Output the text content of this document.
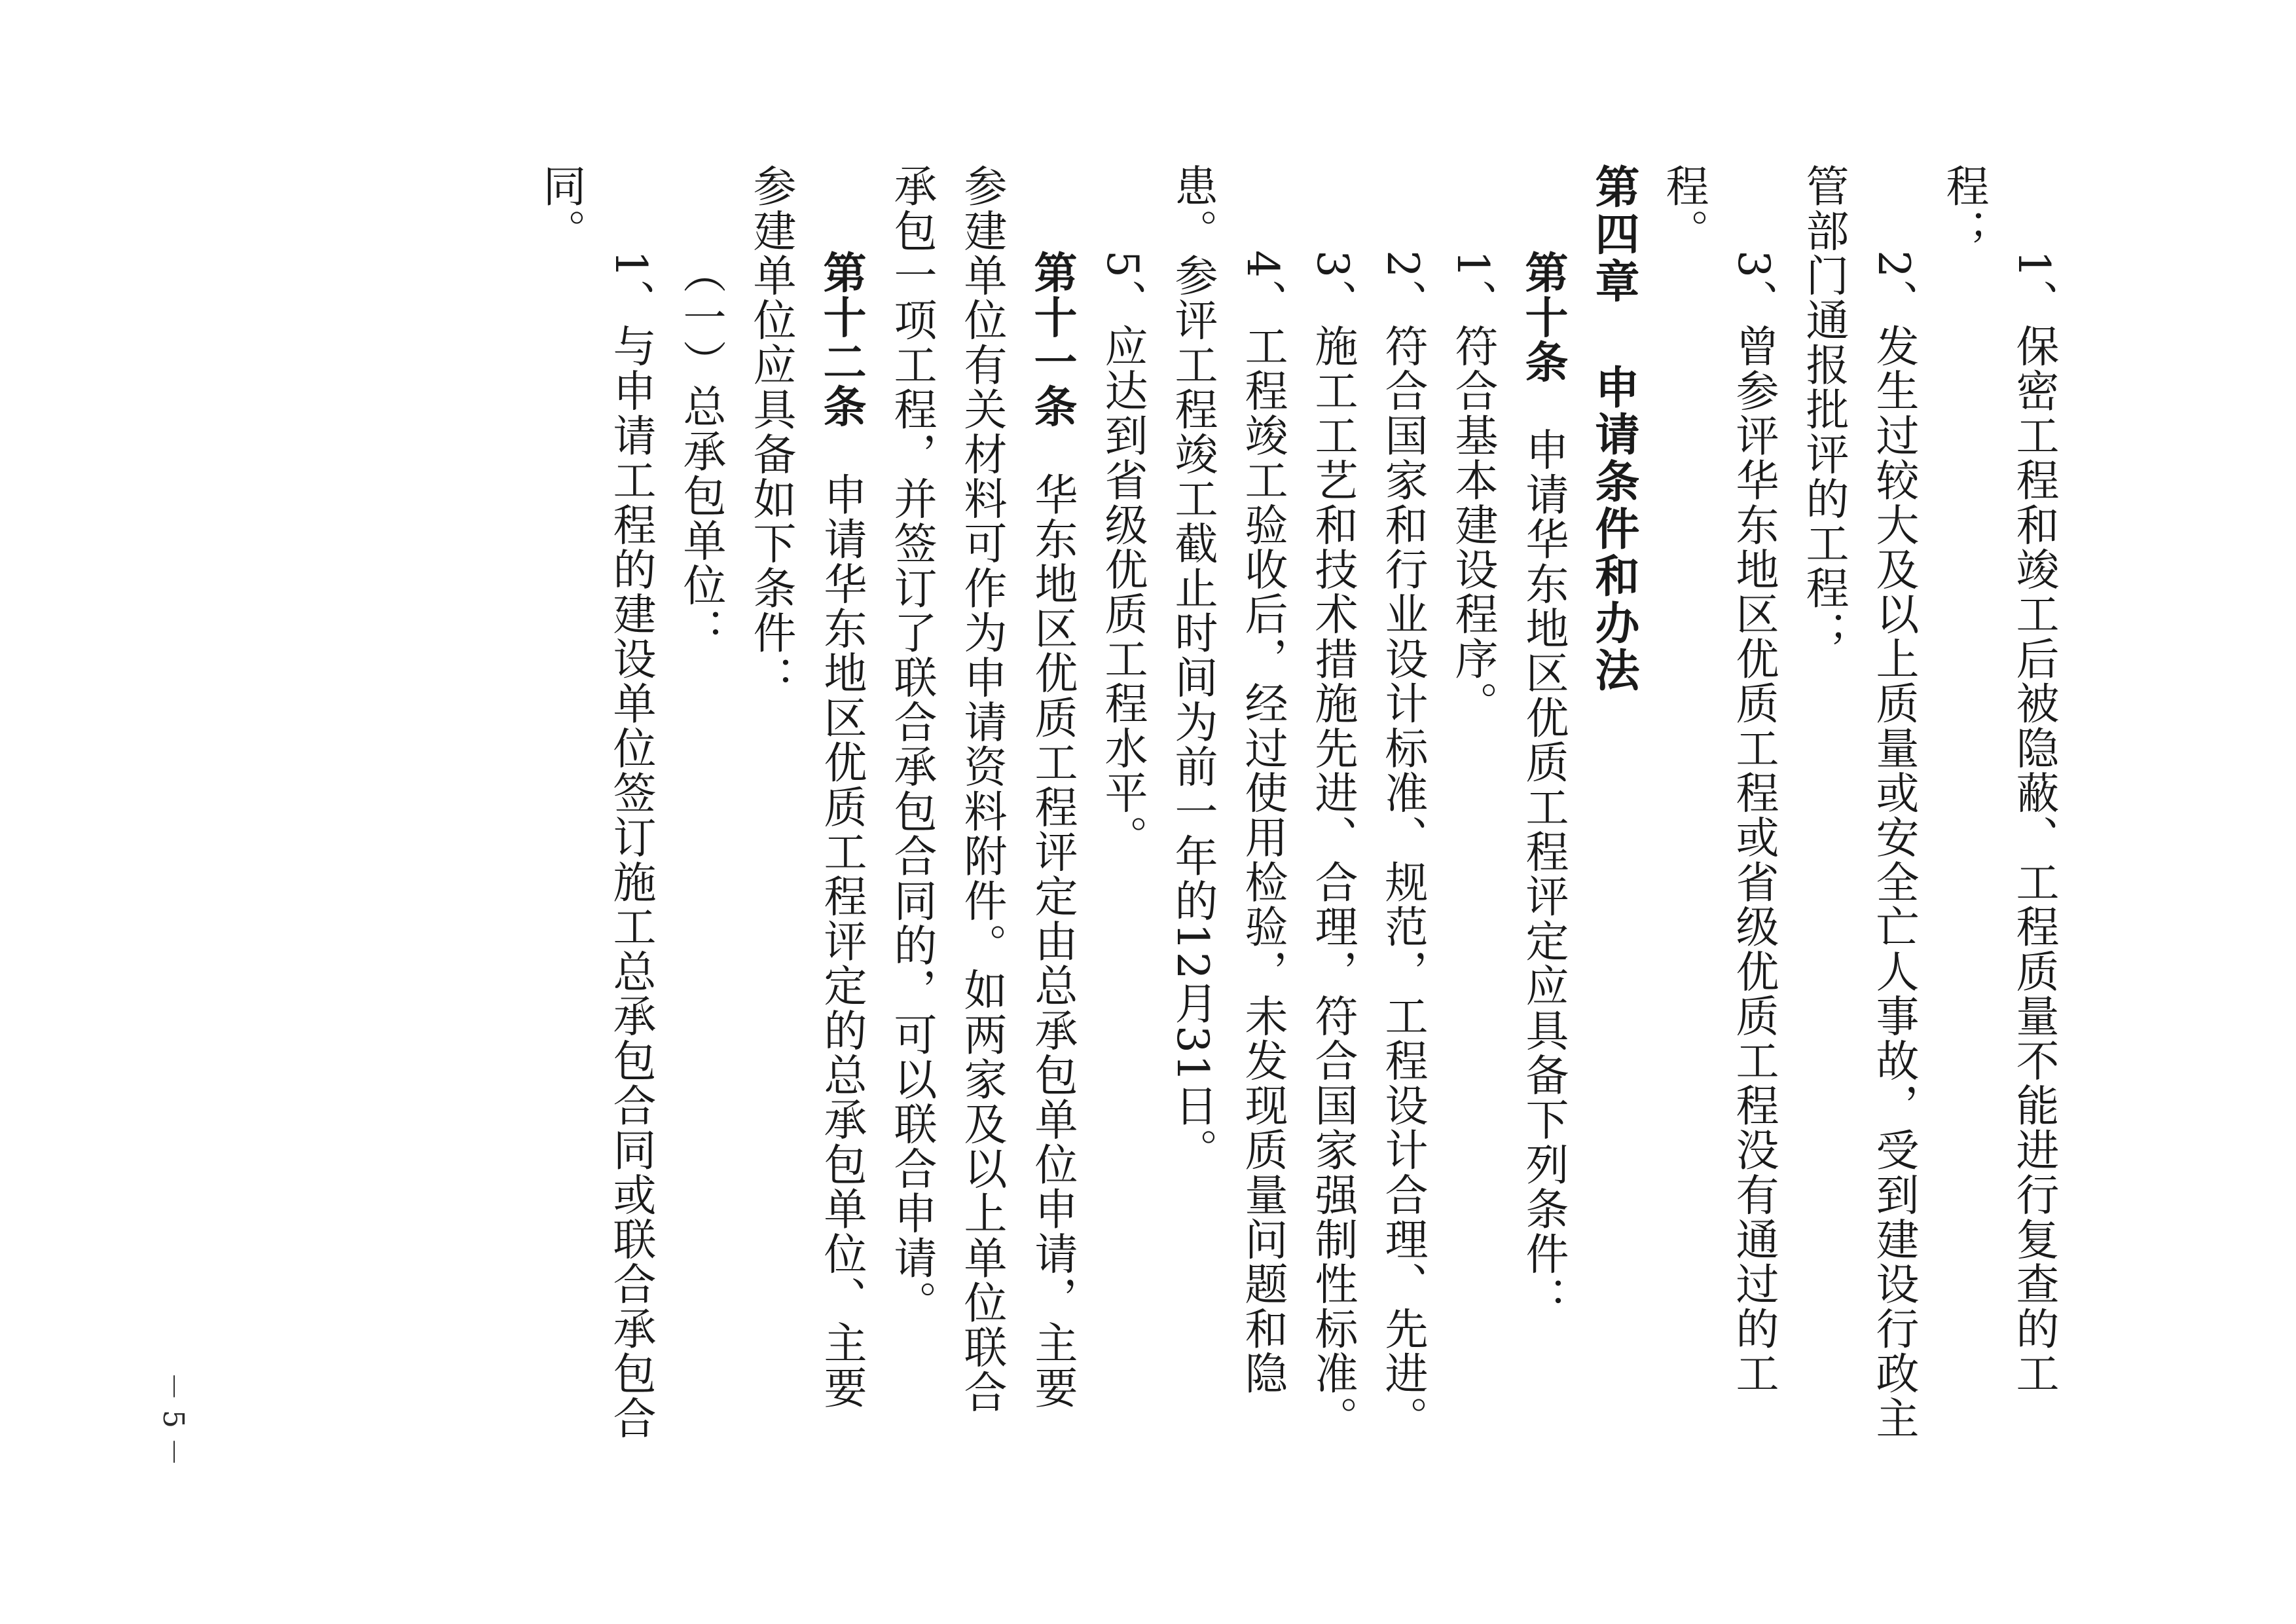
1、保密工程和竣工后被隐蔽、工程质量不能进行复查的工程；

2、发生过较大及以上质量或安全亡人事故，受到建设行政主管部门通报批评的工程；

3、曾参评华东地区优质工程或省级优质工程没有通过的工程。

第四章申请条件和办法

第十条申请华东地区优质工程评定应具备下列条件：

1、符合基本建设程序。

2、符合国家和行业设计标准、规范，工程设计合理、先进。

3、施工工艺和技术措施先进、合理，符合国家强制性标准。

4、工程竣工验收后，经过使用检验，未发现质量问题和隐患。参评工程竣工截止时间为前一年的12月31日。

5、应达到省级优质工程水平。

第十一条华东地区优质工程评定由总承包单位申请，主要参建单位有关材料可作为申请资料附件。如两家及以上单位联合承包一项工程，并签订了联合承包合同的，可以联合申请。

第十二条申请华东地区优质工程评定的总承包单位、主要参建单位应具备如下条件：

（一）总承包单位：

1、与申请工程的建设单位签订施工总承包合同或联合承包合同。

－ 5 －
